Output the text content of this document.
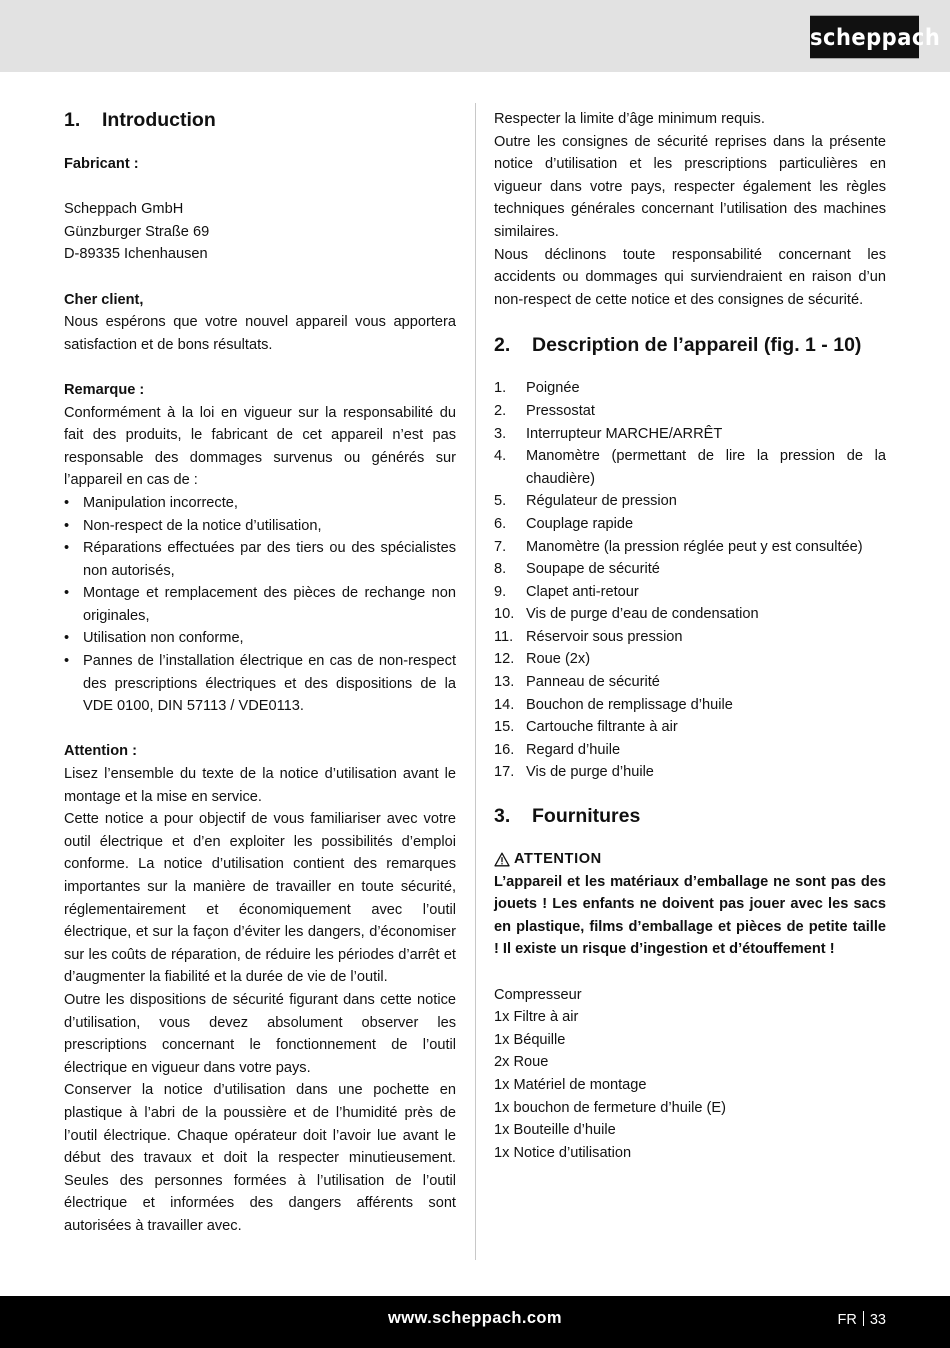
scheppach
1.	Introduction

Fabricant :

Scheppach GmbH

Günzburger Straße 69

D-89335 Ichenhausen

Cher client,

Nous espérons que votre nouvel appareil vous apportera satisfaction et de bons résultats.

Remarque :

Conformément à la loi en vigueur sur la responsabilité du fait des produits, le fabricant de cet appareil n’est pas responsable des dommages survenus ou générés sur l’appareil en cas de :

• Manipulation incorrecte,
• Non-respect de la notice d’utilisation,
• Réparations effectuées par des tiers ou des spécialistes non autorisés,
• Montage et remplacement des pièces de rechange non originales,
• Utilisation non conforme,
• Pannes de l’installation électrique en cas de non-respect des prescriptions électriques et des dispositions de la VDE 0100, DIN 57113 / VDE0113.

Attention :

Lisez l’ensemble du texte de la notice d’utilisation avant le montage et la mise en service.

Cette notice a pour objectif de vous familiariser avec votre outil électrique et d’en exploiter les possibilités d’emploi conforme. La notice d’utilisation contient des remarques importantes sur la manière de travailler en toute sécurité, réglementairement et économiquement avec l’outil électrique, et sur la façon d’éviter les dangers, d’économiser sur les coûts de réparation, de réduire les périodes d’arrêt et d’augmenter la fiabilité et la durée de vie de l’outil.

Outre les dispositions de sécurité figurant dans cette notice d’utilisation, vous devez absolument observer les prescriptions concernant le fonctionnement de l’outil électrique en vigueur dans votre pays.

Conserver la notice d’utilisation dans une pochette en plastique à l’abri de la poussière et de l’humidité près de l’outil électrique. Chaque opérateur doit l’avoir lue avant le début des travaux et doit la respecter minutieusement. Seules des personnes formées à l’utilisation de l’outil électrique et informées des dangers afférents sont autorisées à travailler avec.

Respecter la limite d’âge minimum requis.

Outre les consignes de sécurité reprises dans la présente notice d’utilisation et les prescriptions particulières en vigueur dans votre pays, respecter également les règles techniques générales concernant l’utilisation des machines similaires.

Nous déclinons toute responsabilité concernant les accidents ou dommages qui surviendraient en raison d’un non-respect de cette notice et des consignes de sécurité.

2.	Description de l’appareil (fig. 1 - 10)
1.	Poignée
2.	Pressostat
3.	Interrupteur MARCHE/ARRÊT
4.	Manomètre (permettant de lire la pression de la chaudière)
5.	Régulateur de pression
6.	Couplage rapide
7.	Manomètre (la pression réglée peut y est consultée)
8.	Soupape de sécurité
9.	Clapet anti-retour
10. Vis de purge d’eau de condensation
11. Réservoir sous pression
12. Roue (2x)
13. Panneau de sécurité
14. Bouchon de remplissage d’huile
15. Cartouche filtrante à air
16. Regard d’huile
17. Vis de purge d’huile
3.	Fournitures
ATTENTION

L’appareil et les matériaux d’emballage ne sont pas des jouets ! Les enfants ne doivent pas jouer avec les sacs en plastique, films d’emballage et pièces de petite taille ! Il existe un risque d’ingestion et d’étouffement !

Compresseur

1x Filtre à air

1x Béquille

2x Roue

1x Matériel de montage

1x bouchon de fermeture d’huile (E)

1x Bouteille d’huile

1x Notice d’utilisation

www.scheppach.com	FR 33
